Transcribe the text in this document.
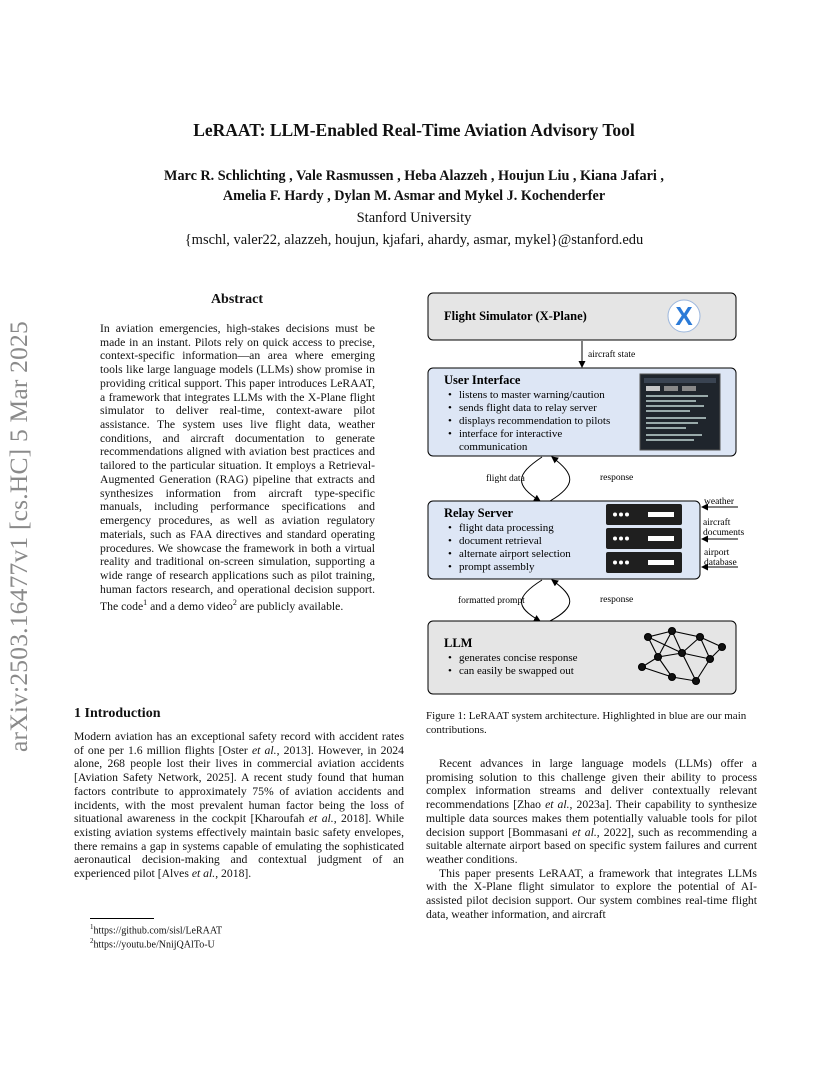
LeRAAT: LLM-Enabled Real-Time Aviation Advisory Tool
Marc R. Schlichting , Vale Rasmussen , Heba Alazzeh , Houjun Liu , Kiana Jafari ,
Amelia F. Hardy , Dylan M. Asmar and Mykel J. Kochenderfer
Stanford University
{mschl, valer22, alazzeh, houjun, kjafari, ahardy, asmar, mykel}@stanford.edu
arXiv:2503.16477v1 [cs.HC] 5 Mar 2025
Abstract
In aviation emergencies, high-stakes decisions must be made in an instant. Pilots rely on quick access to precise, context-specific information—an area where emerging tools like large language models (LLMs) show promise in providing critical support. This paper introduces LeRAAT, a framework that integrates LLMs with the X-Plane flight simulator to deliver real-time, context-aware pilot assistance. The system uses live flight data, weather conditions, and aircraft documentation to generate recommendations aligned with aviation best practices and tailored to the particular situation. It employs a Retrieval-Augmented Generation (RAG) pipeline that extracts and synthesizes information from aircraft type-specific manuals, including performance specifications and emergency procedures, as well as aviation regulatory materials, such as FAA directives and standard operating procedures. We showcase the framework in both a virtual reality and traditional on-screen simulation, supporting a wide range of research applications such as pilot training, human factors research, and operational decision support. The code$^1$ and a demo video$^2$ are publicly available.
1 Introduction
Modern aviation has an exceptional safety record with accident rates of one per 1.6 million flights [Oster et al., 2013]. However, in 2024 alone, 268 people lost their lives in commercial aviation accidents [Aviation Safety Network, 2025]. A recent study found that human factors contribute to approximately 75% of aviation accidents and incidents, with the most prevalent human factor being the loss of situational awareness in the cockpit [Kharoufah et al., 2018]. While existing aviation systems effectively maintain basic safety envelopes, there remains a gap in systems capable of emulating the sophisticated aeronautical decision-making and contextual judgment of an experienced pilot [Alves et al., 2018].
$^1$https://github.com/sisl/LeRAAT
$^2$https://youtu.be/NnijQAlTo-U
Flight Simulator (X-Plane)	X
aircraft state
User Interface
• listens to master warning/caution
• sends flight data to relay server
• displays recommendation to pilots
• interface for interactive
communication
flight data	response
Relay Server
• flight data processing
• document retrieval
• alternate airport selection
• prompt assembly
weather
aircraft
documents
airport
database
formatted prompt	response
LLM
• generates concise response
• can easily be swapped out
Figure 1: LeRAAT system architecture. Highlighted in blue are our main contributions.

Recent advances in large language models (LLMs) offer a promising solution to this challenge given their ability to process complex information streams and deliver contextually relevant recommendations [Zhao et al., 2023a]. Their capability to synthesize multiple data sources makes them potentially valuable tools for pilot decision support [Bommasani et al., 2022], such as recommending a suitable alternate airport based on specific system failures and current weather conditions.

This paper presents LeRAAT, a framework that integrates LLMs with the X-Plane flight simulator to explore the potential of AI-assisted pilot decision support. Our system combines real-time flight data, weather information, and aircraft
